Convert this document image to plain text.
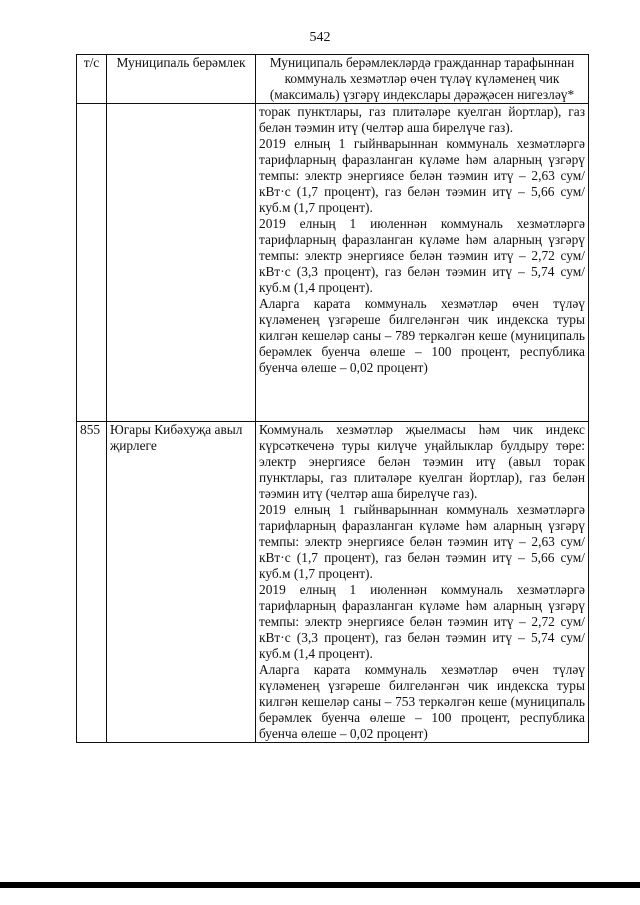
542
т/с	Муниципаль берәмлек	Муниципаль берәмлекләрдә гражданнар тарафыннан коммуналь хезмәтләр өчен түләү күләменең чик (максималь) үзгәрү индекслары дәрәҗәсен нигезләү*

		торак пунктлары, газ плитәләре куелган йортлар), газ белән тәэмин итү (челтәр аша бирелүче газ).

2019 елның 1 гыйнварыннан коммуналь хезмәтләргә тарифларның фаразланган күләме һәм аларның үзгәрү темпы: электр энергиясе белән тәэмин итү – 2,63 сум/кВт·с (1,7 процент), газ белән тәэмин итү – 5,66 сум/куб.м (1,7 процент).

2019 елның 1 июленнән коммуналь хезмәтләргә тарифларның фаразланган күләме һәм аларның үзгәрү темпы: электр энергиясе белән тәэмин итү – 2,72 сум/кВт·с (3,3 процент), газ белән тәэмин итү – 5,74 сум/куб.м (1,4 процент).

Аларга карата коммуналь хезмәтләр өчен түләү күләменең үзгәреше билгеләнгән чик индекска туры килгән кешеләр саны – 789 теркәлгән кеше (муниципаль берәмлек буенча өлеше – 100 процент, республика буенча өлеше – 0,02 процент)

855	Югары Кибәхуҗа авыл җирлеге	Коммуналь хезмәтләр җыелмасы һәм чик индекс күрсәткеченә туры килүче уңайлыклар булдыру төре: электр энергиясе белән тәэмин итү (авыл торак пунктлары, газ плитәләре куелган йортлар), газ белән тәэмин итү (челтәр аша бирелүче газ).

2019 елның 1 гыйнварыннан коммуналь хезмәтләргә тарифларның фаразланган күләме һәм аларның үзгәрү темпы: электр энергиясе белән тәэмин итү – 2,63 сум/кВт·с (1,7 процент), газ белән тәэмин итү – 5,66 сум/куб.м (1,7 процент).

2019 елның 1 июленнән коммуналь хезмәтләргә тарифларның фаразланган күләме һәм аларның үзгәрү темпы: электр энергиясе белән тәэмин итү – 2,72 сум/кВт·с (3,3 процент), газ белән тәэмин итү – 5,74 сум/куб.м (1,4 процент).

Аларга карата коммуналь хезмәтләр өчен түләү күләменең үзгәреше билгеләнгән чик индекска туры килгән кешеләр саны – 753 теркәлгән кеше (муниципаль берәмлек буенча өлеше – 100 процент, республика буенча өлеше – 0,02 процент)
